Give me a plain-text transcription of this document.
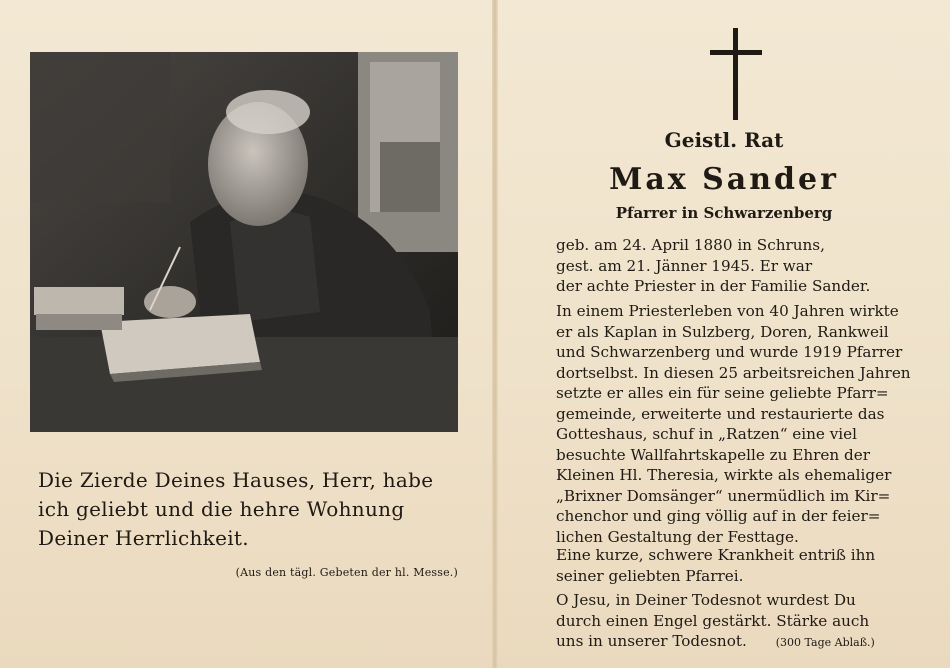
Die Zierde Deines Hauses, Herr, habe
ich geliebt und die hehre Wohnung
Deiner Herrlichkeit.
(Aus den tägl. Gebeten der hl. Messe.)
Geistl. Rat
Max Sander
Pfarrer in Schwarzenberg
geb. am 24. April 1880 in Schruns,
gest. am 21. Jänner 1945. Er war
der achte Priester in der Familie Sander.
In einem Priesterleben von 40 Jahren wirkte
er als Kaplan in Sulzberg, Doren, Rankweil
und Schwarzenberg und wurde 1919 Pfarrer
dortselbst. In diesen 25 arbeitsreichen Jahren
setzte er alles ein für seine geliebte Pfarr=
gemeinde, erweiterte und restaurierte das
Gotteshaus, schuf in „Ratzen“ eine viel
besuchte Wallfahrtskapelle zu Ehren der
Kleinen Hl. Theresia, wirkte als ehemaliger
„Brixner Domsänger“ unermüdlich im Kir=
chenchor und ging völlig auf in der feier=
lichen Gestaltung der Festtage.
Eine kurze, schwere Krankheit entriß ihn
seiner geliebten Pfarrei.
O Jesu, in Deiner Todesnot wurdest Du
durch einen Engel gestärkt. Stärke auch
uns in unserer Todesnot.	(300 Tage Ablaß.)
